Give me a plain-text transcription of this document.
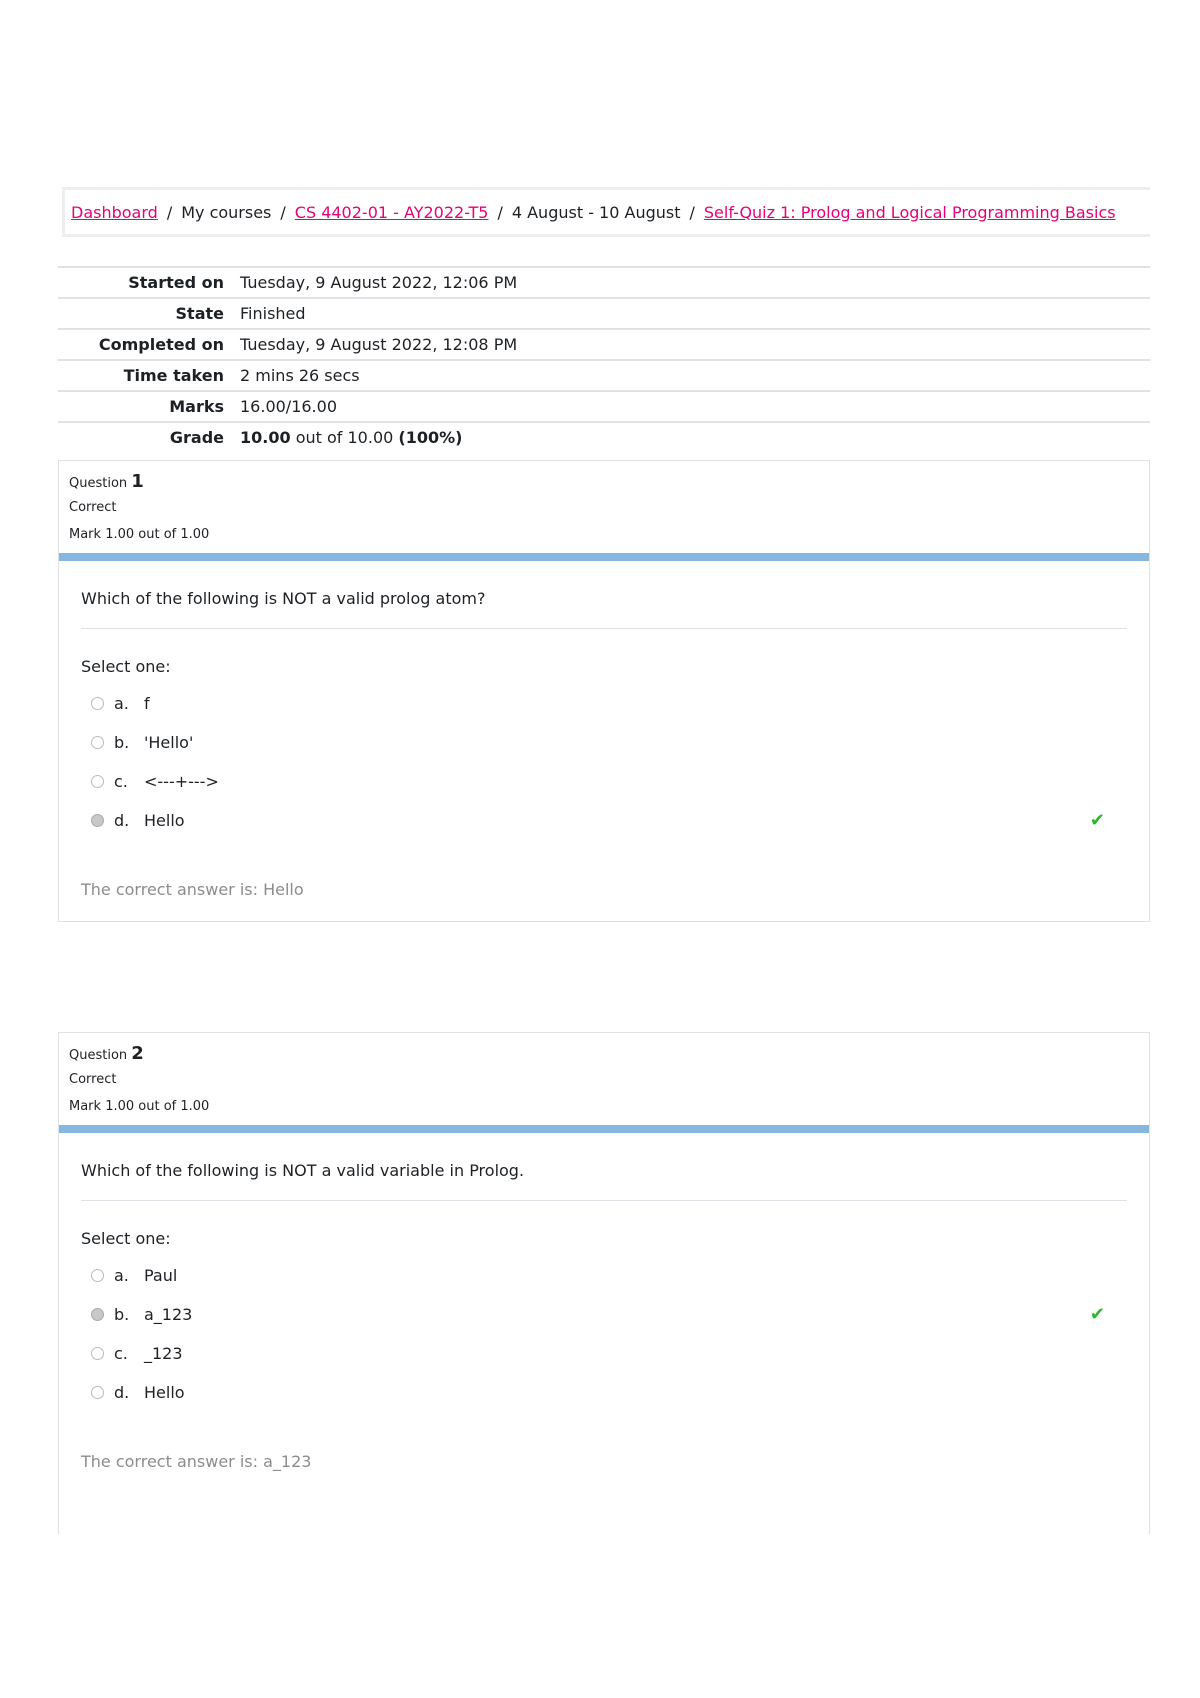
Dashboard / My courses / CS 4402-01 - AY2022-T5 / 4 August - 10 August / Self-Quiz 1: Prolog and Logical Programming Basics
Started on	Tuesday, 9 August 2022, 12:06 PM
State	Finished
Completed on	Tuesday, 9 August 2022, 12:08 PM
Time taken	2 mins 26 secs
Marks	16.00/16.00
Grade	10.00 out of 10.00 (100%)
Question 1
Correct
Mark 1.00 out of 1.00
Which of the following is NOT a valid prolog atom?
Select one:
a. f
b. 'Hello'
c.	<---+--->
d. Hello	✔
The correct answer is: Hello
Question 2
Correct
Mark 1.00 out of 1.00
Which of the following is NOT a valid variable in Prolog.
Select one:
a. Paul
b. a_123	✔
c.	_123
d. Hello
The correct answer is: a_123
